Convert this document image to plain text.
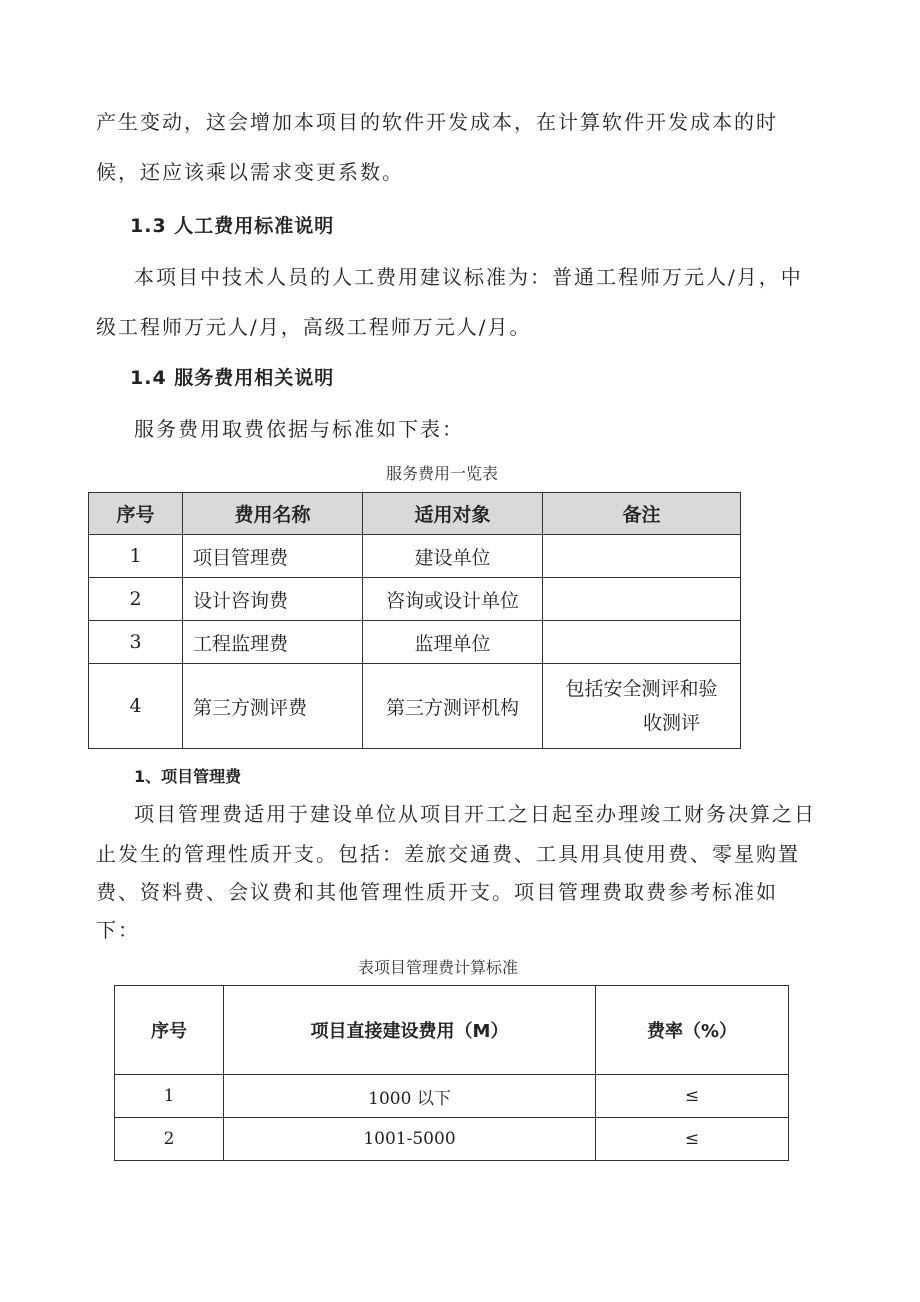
产生变动，这会增加本项目的软件开发成本，在计算软件开发成本的时
候，还应该乘以需求变更系数。
1.3 人工费用标准说明
本项目中技术人员的人工费用建议标准为：普通工程师万元人/月，中
级工程师万元人/月，高级工程师万元人/月。
1.4 服务费用相关说明
服务费用取费依据与标准如下表：
服务费用一览表
序号	费用名称	适用对象	备注
1	项目管理费	建设单位	
2	设计咨询费	咨询或设计单位	
3	工程监理费	监理单位	
4	第三方测评费	第三方测评机构	包括安全测评和验
收测评
1、项目管理费
项目管理费适用于建设单位从项目开工之日起至办理竣工财务决算之日
止发生的管理性质开支。包括：差旅交通费、工具用具使用费、零星购置
费、资料费、会议费和其他管理性质开支。项目管理费取费参考标准如
下：
表项目管理费计算标准
序号	项目直接建设费用（M）	费率（%）
1	1000 以下	≤
2	1001-5000	≤
